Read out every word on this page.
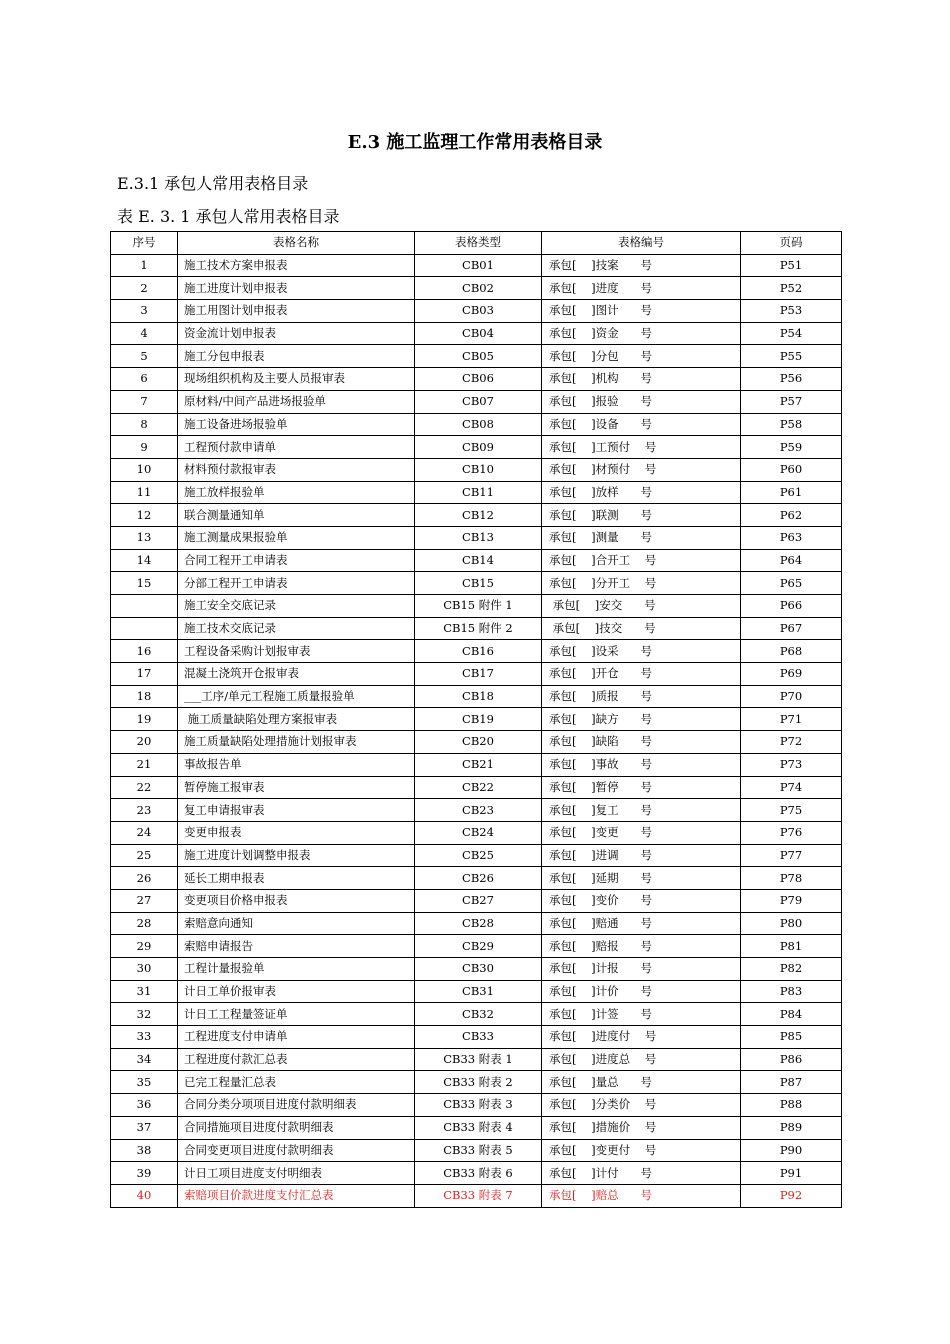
E.3 施工监理工作常用表格目录
E.3.1 承包人常用表格目录
表 E. 3. 1 承包人常用表格目录
序号	表格名称	表格类型	表格编号	页码
1	施工技术方案申报表	CB01	承包[    ]技案      号	P51
2	施工进度计划申报表	CB02	承包[    ]进度      号	P52
3	施工用图计划申报表	CB03	承包[    ]图计      号	P53
4	资金流计划申报表	CB04	承包[    ]资金      号	P54
5	施工分包申报表	CB05	承包[    ]分包      号	P55
6	现场组织机构及主要人员报审表	CB06	承包[    ]机构      号	P56
7	原材料/中间产品进场报验单	CB07	承包[    ]报验      号	P57
8	施工设备进场报验单	CB08	承包[    ]设备      号	P58
9	工程预付款申请单	CB09	承包[    ]工预付    号	P59
10	材料预付款报审表	CB10	承包[    ]材预付    号	P60
11	施工放样报验单	CB11	承包[    ]放样      号	P61
12	联合测量通知单	CB12	承包[    ]联测      号	P62
13	施工测量成果报验单	CB13	承包[    ]测量      号	P63
14	合同工程开工申请表	CB14	承包[    ]合开工    号	P64
15	分部工程开工申请表	CB15	承包[    ]分开工    号	P65
	施工安全交底记录	CB15 附件 1	承包[    ]安交      号	P66
	施工技术交底记录	CB15 附件 2	承包[    ]技交      号	P67
16	工程设备采购计划报审表	CB16	承包[    ]设采      号	P68
17	混凝土浇筑开仓报审表	CB17	承包[    ]开仓      号	P69
18	___工序/单元工程施工质量报验单	CB18	承包[    ]质报      号	P70
19	施工质量缺陷处理方案报审表	CB19	承包[    ]缺方      号	P71
20	施工质量缺陷处理措施计划报审表	CB20	承包[    ]缺陷      号	P72
21	事故报告单	CB21	承包[    ]事故      号	P73
22	暂停施工报审表	CB22	承包[    ]暂停      号	P74
23	复工申请报审表	CB23	承包[    ]复工      号	P75
24	变更申报表	CB24	承包[    ]变更      号	P76
25	施工进度计划调整申报表	CB25	承包[    ]进调      号	P77
26	延长工期申报表	CB26	承包[    ]延期      号	P78
27	变更项目价格申报表	CB27	承包[    ]变价      号	P79
28	索赔意向通知	CB28	承包[    ]赔通      号	P80
29	索赔申请报告	CB29	承包[    ]赔报      号	P81
30	工程计量报验单	CB30	承包[    ]计报      号	P82
31	计日工单价报审表	CB31	承包[    ]计价      号	P83
32	计日工工程量签证单	CB32	承包[    ]计签      号	P84
33	工程进度支付申请单	CB33	承包[    ]进度付    号	P85
34	工程进度付款汇总表	CB33 附表 1	承包[    ]进度总    号	P86
35	已完工程量汇总表	CB33 附表 2	承包[    ]量总      号	P87
36	合同分类分项项目进度付款明细表	CB33 附表 3	承包[    ]分类价    号	P88
37	合同措施项目进度付款明细表	CB33 附表 4	承包[    ]措施价    号	P89
38	合同变更项目进度付款明细表	CB33 附表 5	承包[    ]变更付    号	P90
39	计日工项目进度支付明细表	CB33 附表 6	承包[    ]计付      号	P91
40	索赔项目价款进度支付汇总表	CB33 附表 7	承包[    ]赔总      号	P92
